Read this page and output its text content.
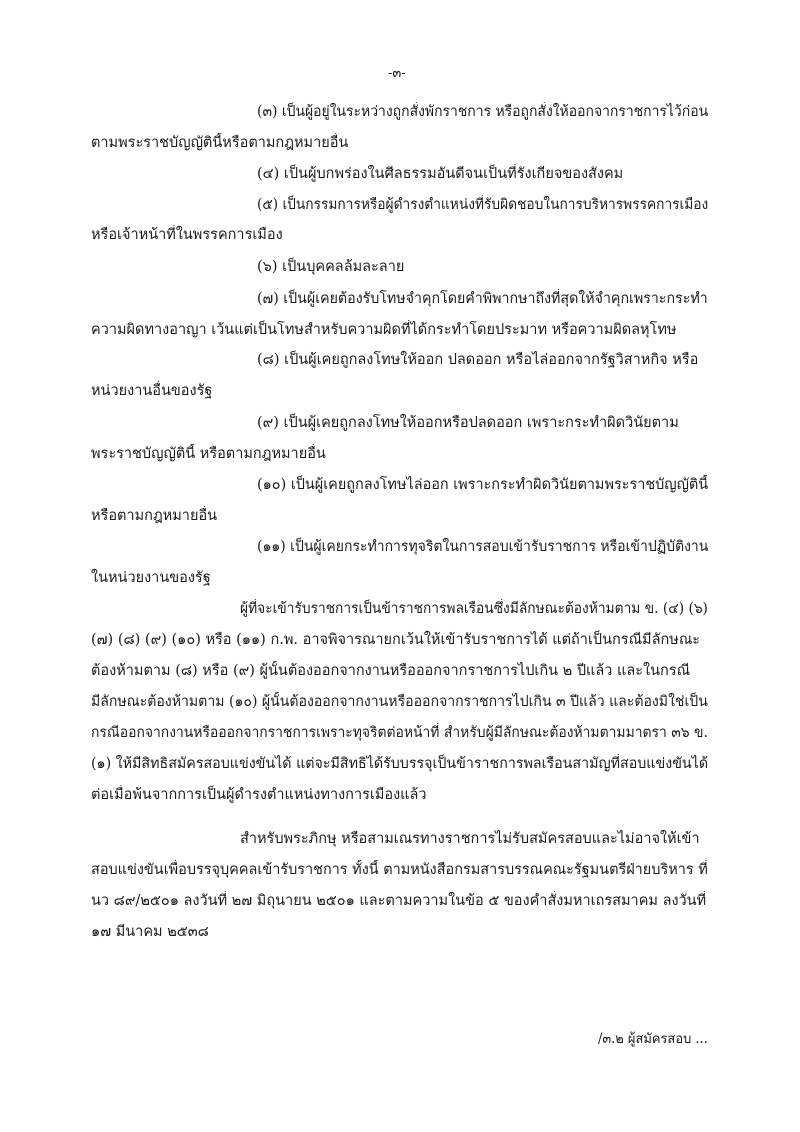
-๓-
(๓) เป็นผู้อยู่ในระหว่างถูกสั่งพักราชการ หรือถูกสั่งให้ออกจากราชการไว้ก่อน
ตามพระราชบัญญัตินี้หรือตามกฎหมายอื่น
(๔) เป็นผู้บกพร่องในศีลธรรมอันดีจนเป็นที่รังเกียจของสังคม
(๕) เป็นกรรมการหรือผู้ดำรงตำแหน่งที่รับผิดชอบในการบริหารพรรคการเมือง
หรือเจ้าหน้าที่ในพรรคการเมือง
(๖) เป็นบุคคลล้มละลาย
(๗) เป็นผู้เคยต้องรับโทษจำคุกโดยคำพิพากษาถึงที่สุดให้จำคุกเพราะกระทำ
ความผิดทางอาญา เว้นแต่เป็นโทษสำหรับความผิดที่ได้กระทำโดยประมาท หรือความผิดลหุโทษ
(๘) เป็นผู้เคยถูกลงโทษให้ออก ปลดออก หรือไล่ออกจากรัฐวิสาหกิจ หรือ
หน่วยงานอื่นของรัฐ
(๙) เป็นผู้เคยถูกลงโทษให้ออกหรือปลดออก เพราะกระทำผิดวินัยตาม
พระราชบัญญัตินี้ หรือตามกฎหมายอื่น
(๑๐) เป็นผู้เคยถูกลงโทษไล่ออก เพราะกระทำผิดวินัยตามพระราชบัญญัตินี้
หรือตามกฎหมายอื่น
(๑๑) เป็นผู้เคยกระทำการทุจริตในการสอบเข้ารับราชการ หรือเข้าปฏิบัติงาน
ในหน่วยงานของรัฐ
ผู้ที่จะเข้ารับราชการเป็นข้าราชการพลเรือนซึ่งมีลักษณะต้องห้ามตาม ข. (๔) (๖)
(๗) (๘) (๙) (๑๐) หรือ (๑๑) ก.พ. อาจพิจารณายกเว้นให้เข้ารับราชการได้ แต่ถ้าเป็นกรณีมีลักษณะ
ต้องห้ามตาม (๘) หรือ (๙) ผู้นั้นต้องออกจากงานหรือออกจากราชการไปเกิน ๒ ปีแล้ว และในกรณี
มีลักษณะต้องห้ามตาม (๑๐) ผู้นั้นต้องออกจากงานหรือออกจากราชการไปเกิน ๓ ปีแล้ว และต้องมิใช่เป็น
กรณีออกจากงานหรือออกจากราชการเพราะทุจริตต่อหน้าที่ สำหรับผู้มีลักษณะต้องห้ามตามมาตรา ๓๖ ข.
(๑) ให้มีสิทธิสมัครสอบแข่งขันได้ แต่จะมีสิทธิได้รับบรรจุเป็นข้าราชการพลเรือนสามัญที่สอบแข่งขันได้
ต่อเมื่อพ้นจากการเป็นผู้ดำรงตำแหน่งทางการเมืองแล้ว
สำหรับพระภิกษุ หรือสามเณรทางราชการไม่รับสมัครสอบและไม่อาจให้เข้า
สอบแข่งขันเพื่อบรรจุบุคคลเข้ารับราชการ ทั้งนี้ ตามหนังสือกรมสารบรรณคณะรัฐมนตรีฝ่ายบริหาร ที่
นว ๘๙/๒๕๐๑ ลงวันที่ ๒๗ มิถุนายน ๒๕๐๑ และตามความในข้อ ๕ ของคำสั่งมหาเถรสมาคม ลงวันที่
๑๗ มีนาคม ๒๕๓๘
/๓.๒ ผู้สมัครสอบ ...
